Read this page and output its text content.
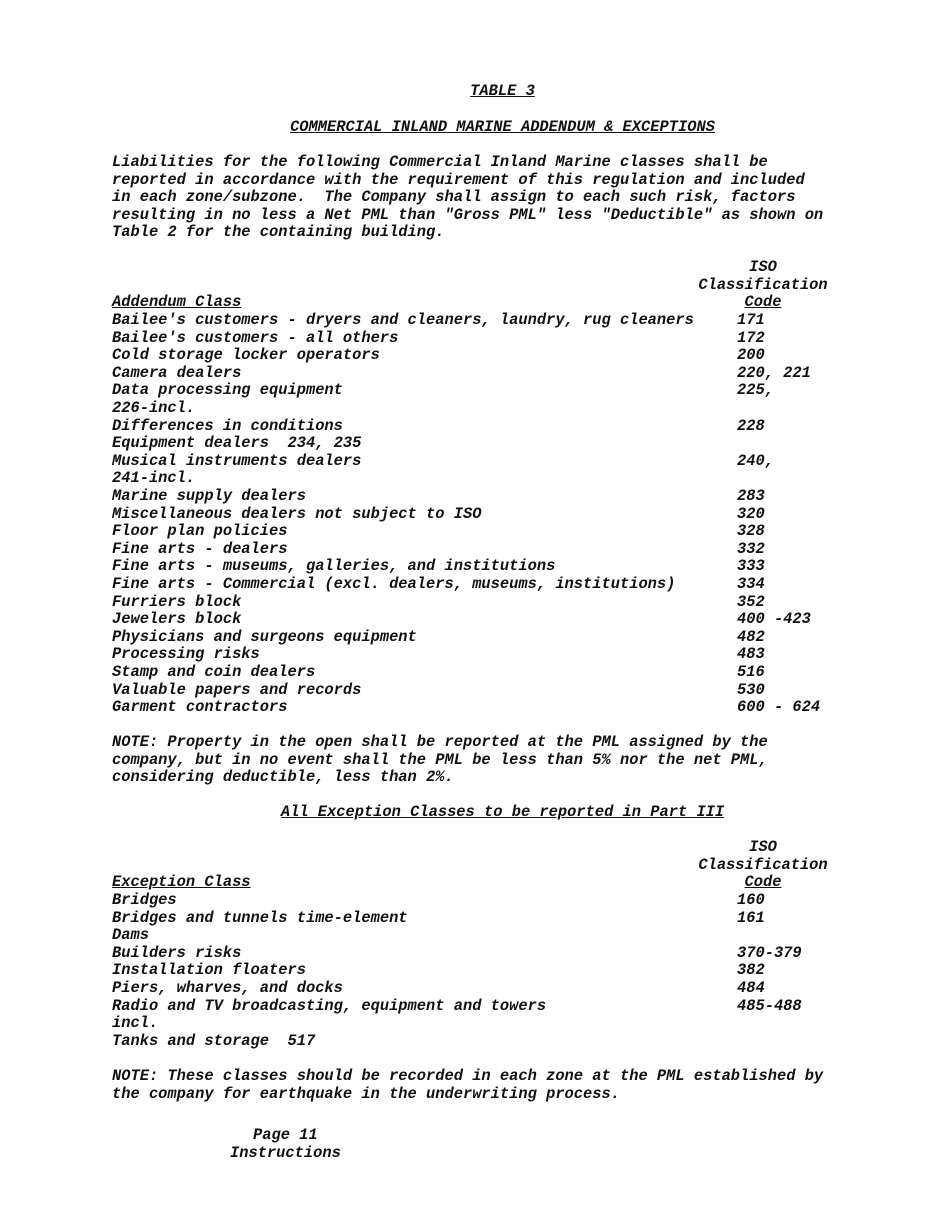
TABLE 3
COMMERCIAL INLAND MARINE ADDENDUM & EXCEPTIONS
Liabilities for the following Commercial Inland Marine classes shall be
reported in accordance with the requirement of this regulation and included
in each zone/subzone.  The Company shall assign to each such risk, factors
resulting in no less a Net PML than "Gross PML" less "Deductible" as shown on
Table 2 for the containing building.
ISO
Classification
Code
Addendum Class
Bailee's customers - dryers and cleaners, laundry, rug cleaners	171
Bailee's customers - all others	172
Cold storage locker operators	200
Camera dealers	220, 221
Data processing equipment	225,
226-incl.
Differences in conditions	228
Equipment dealers  234, 235
Musical instruments dealers	240,
241-incl.
Marine supply dealers	283
Miscellaneous dealers not subject to ISO	320
Floor plan policies	328
Fine arts - dealers	332
Fine arts - museums, galleries, and institutions	333
Fine arts - Commercial (excl. dealers, museums, institutions)	334
Furriers block	352
Jewelers block	400 -423
Physicians and surgeons equipment	482
Processing risks	483
Stamp and coin dealers	516
Valuable papers and records	530
Garment contractors	600 - 624
NOTE: Property in the open shall be reported at the PML assigned by the
company, but in no event shall the PML be less than 5% nor the net PML,
considering deductible, less than 2%.
All Exception Classes to be reported in Part III
ISO
Classification
Code
Exception Class
Bridges	160
Bridges and tunnels time-element	161
Dams
Builders risks	370-379
Installation floaters	382
Piers, wharves, and docks	484
Radio and TV broadcasting, equipment and towers	485-488
incl.
Tanks and storage  517
NOTE: These classes should be recorded in each zone at the PML established by
the company for earthquake in the underwriting process.
Page 11
Instructions
